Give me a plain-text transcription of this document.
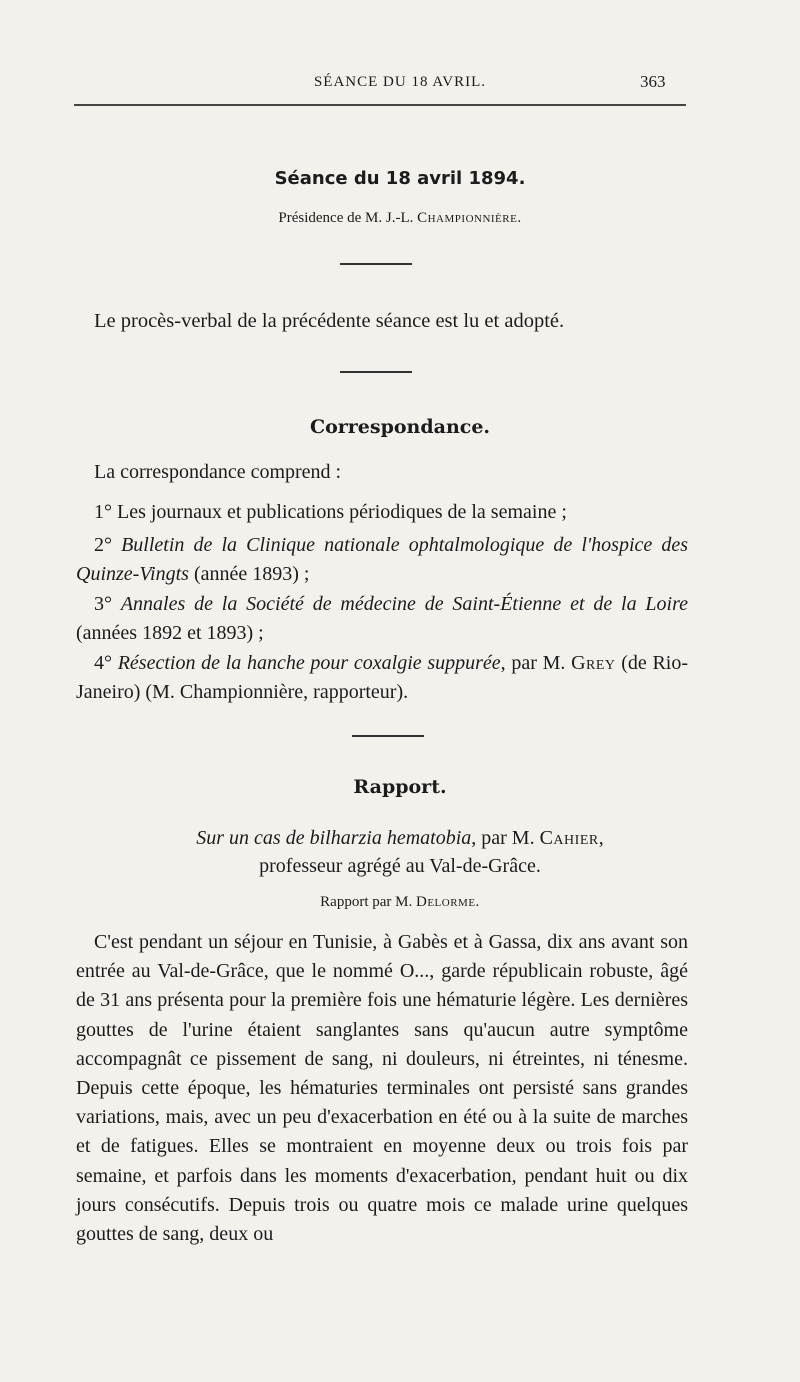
SÉANCE DU 18 AVRIL.	363
Séance du 18 avril 1894.
Présidence de M. J.-L. Championnière.
Le procès-verbal de la précédente séance est lu et adopté.
Correspondance.
La correspondance comprend :
1° Les journaux et publications périodiques de la semaine ;
2° Bulletin de la Clinique nationale ophtalmologique de l'hospice des Quinze-Vingts (année 1893) ;
3° Annales de la Société de médecine de Saint-Étienne et de la Loire (années 1892 et 1893) ;
4° Résection de la hanche pour coxalgie suppurée, par M. Grey (de Rio-Janeiro) (M. Championnière, rapporteur).
Rapport.
Sur un cas de bilharzia hematobia, par M. Cahier,
professeur agrégé au Val-de-Grâce.
Rapport par M. Delorme.
C'est pendant un séjour en Tunisie, à Gabès et à Gassa, dix ans avant son entrée au Val-de-Grâce, que le nommé O..., garde républicain robuste, âgé de 31 ans présenta pour la première fois une hématurie légère. Les dernières gouttes de l'urine étaient sanglantes sans qu'aucun autre symptôme accompagnât ce pissement de sang, ni douleurs, ni étreintes, ni ténesme. Depuis cette époque, les hématuries terminales ont persisté sans grandes variations, mais, avec un peu d'exacerbation en été ou à la suite de marches et de fatigues. Elles se montraient en moyenne deux ou trois fois par semaine, et parfois dans les moments d'exacerbation, pendant huit ou dix jours consécutifs. Depuis trois ou quatre mois ce malade urine quelques gouttes de sang, deux ou
